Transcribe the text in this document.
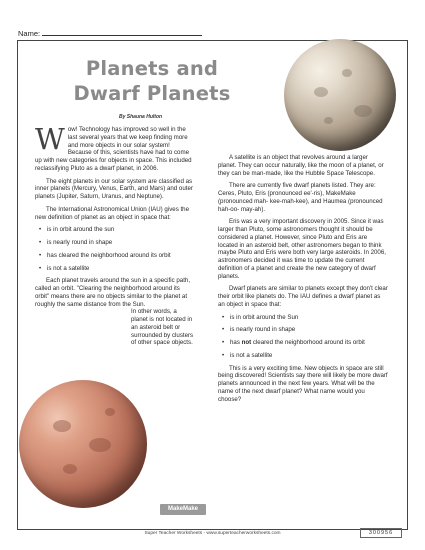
Name:
Planets and
Dwarf Planets
By Shauna Hulton

Wow! Technology has improved so well in the last several years that we keep finding more and more objects in our solar system! Because of this, scientists have had to come up with new categories for objects in space. This included reclassifying Pluto as a dwarf planet, in 2006.

The eight planets in our solar system are classified as inner planets (Mercury, Venus, Earth, and Mars) and outer planets (Jupiter, Saturn, Uranus, and Neptune).

The International Astronomical Union (IAU) gives the new definition of planet as an object in space that:

• is in orbit around the sun
• is nearly round in shape
• has cleared the neighborhood around its orbit
• is not a satellite

Each planet travels around the sun in a specific path, called an orbit. "Clearing the neighborhood around its orbit" means there are no objects similar to the planet at roughly the same distance from the Sun.

In other words, a planet is not located in an asteroid belt or surrounded by clusters of other space objects.

MakeMake

A satellite is an object that revolves around a larger planet. They can occur naturally, like the moon of a planet, or they can be man-made, like the Hubble Space Telescope.

There are currently five dwarf planets listed. They are: Ceres, Pluto, Eris (pronounced ee'-ris), MakeMake (pronounced mah- kee-mah-kee), and Haumea (pronounced hah-oo- may-ah).

Eris was a very important discovery in 2005. Since it was larger than Pluto, some astronomers thought it should be considered a planet. However, since Pluto and Eris are located in an asteroid belt, other astronomers began to think maybe Pluto and Eris were both very large asteroids. In 2006, astronomers decided it was time to update the current definition of a planet and create the new category of dwarf planets.

Dwarf planets are similar to planets except they don't clear their orbit like planets do. The IAU defines a dwarf planet as an object in space that:

• is in orbit around the Sun
• is nearly round in shape
• has not cleared the neighborhood around its orbit
• is not a satellite

This is a very exciting time. New objects in space are still being discovered! Scientists say there will likely be more dwarf planets announced in the next few years. What will be the name of the next dwarf planet? What name would you choose?

Super Teacher Worksheets - www.superteacherworksheets.com	300956
